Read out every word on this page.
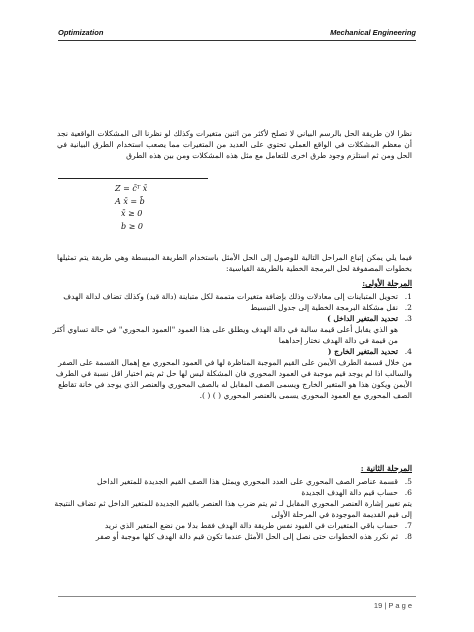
Optimization	Mechanical Engineering
نظرا لان طريقة الحل بالرسم البياني لا تصلح لأكثر من اثنين متغيرات وكذلك لو نظرنا الى المشكلات الواقعية نجد أن معظم المشكلات في الواقع العملي تحتوي على العديد من المتغيرات مما يصعب استخدام الطرق البيانية في الحل ومن ثم استلزم وجود طرق اخرى للتعامل مع مثل هذه المشكلات ومن بين هذه الطرق
Z = c̄ᵀ x̄
A x̄ = b̄
x̄ ≥ 0
b ≥ 0
فيما يلي يمكن إتباع المراحل التالية للوصول إلى الحل الأمثل باستخدام الطريقة المبسطة وهي طريقة يتم تمثيلها بخطوات المصفوفة لحل البرمجة الخطية بالطريقة القياسية:
المرحلة الأولى:
1.
تحويل المتباينات إلى معادلات وذلك بإضافة متغيرات متممة لكل متباينة (دالة قيد) وكذلك تضاف لدالة الهدف
2.
نقل مشكلة البرمجة الخطية إلى جدول التبسيط
3.
تحديد المتغير الداخل )
هو الذي يقابل أعلى قيمة سالبة في دالة الهدف ويطلق على هذا العمود "العمود المحوري" في حالة تساوي أكثر من قيمة في دالة الهدف نختار إحداهما
4.
تحديد المتغير الخارج (
من خلال قسمة الطرف الأيمن على القيم الموجبة المناظرة لها في العمود المحوري مع إهمال القسمة على الصفر والسالب اذا لم يوجد قيم موجبة في العمود المحوري فان المشكلة ليس لها حل ثم يتم اختيار اقل نسبة في الطرف الأيمن ويكون هذا هو المتغير الخارج ويسمى الصف المقابل له بالصف المحوري والعنصر الذي يوجد في خانة تقاطع الصف المحوري مع العمود المحوري يسمى بالعنصر المحوري ( ) ( ).
المرحلة الثانية :
5.
قسمة عناصر الصف المحوري على العدد المحوري ويمثل هذا الصف القيم الجديدة للمتغير الداخل
6.
حساب قيم دالة الهدف الجديدة
يتم تغيير إشارة العنصر المحوري المقابل لـ ثم يتم ضرب هذا العنصر بالقيم الجديدة للمتغير الداخل ثم تضاف النتيجة إلى قيم القديمة الموجودة في المرحلة الأولى
7.
حساب باقي المتغيرات في القيود نفس طريقة دالة الهدف فقط بدلا من نضع المتغير الذي نريد
8.
ثم نكرر هذه الخطوات حتى نصل إلى الحل الأمثل عندما تكون قيم دالة الهدف كلها موجبة أو صفر
19 | P a g e
